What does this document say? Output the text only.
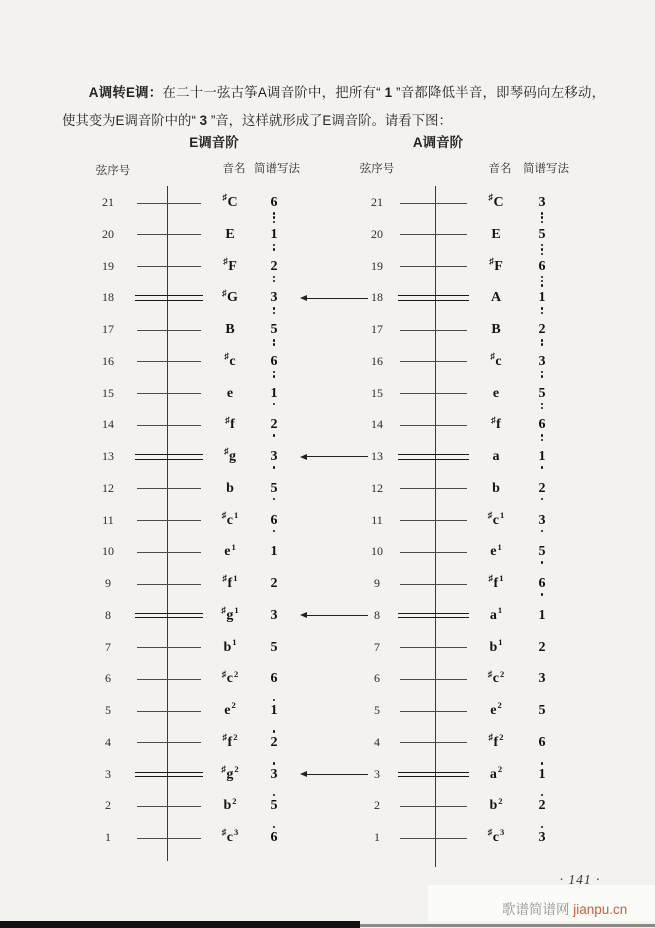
A调转E调：在二十一弦古筝A调音阶中，把所有“ 1 ”音都降低半音，即琴码向左移动，使其变为E调音阶中的“ 3 ”音，这样就形成了E调音阶。请看下图：

E调音阶	A调音阶
弦序号	音名 简谱写法	弦序号	音名	简谱写法
21	♯C	6
20	E	1
19	♯F	2
18	♯G	3
17	B	5
16	♯c	6
15	e	1
14	♯f	2
13	♯g	3
12	b	5
11	$^♯c^1$	6
10	$e^1$	1
9	$^♯f^1$	2
8	$^♯g^1$	3
7	$b^1$	5
6	$^♯c^2$	6
5	$e^2$	1
4	$^♯f^2$	2
3	$^♯g^2$	3
2	$b^2$	5
1	$^♯c^3$	6
21	♯C	3
20	E	5
19	♯F	6
18	A	1
17	B	2
16	♯c	3
15	e	5
14	♯f	6
13	a	1
12	b	2
11	$^♯c^1$	3
10	$e^1$	5
9	$^♯f^1$	6
8	$a^1$	1
7	$b^1$	2
6	$^♯c^2$	3
5	$e^2$	5
4	$^♯f^2$	6
3	$a^2$	1
2	$b^2$	2
1	$^♯c^3$	3
· 141 ·
歌谱简谱网 jianpu.cn
